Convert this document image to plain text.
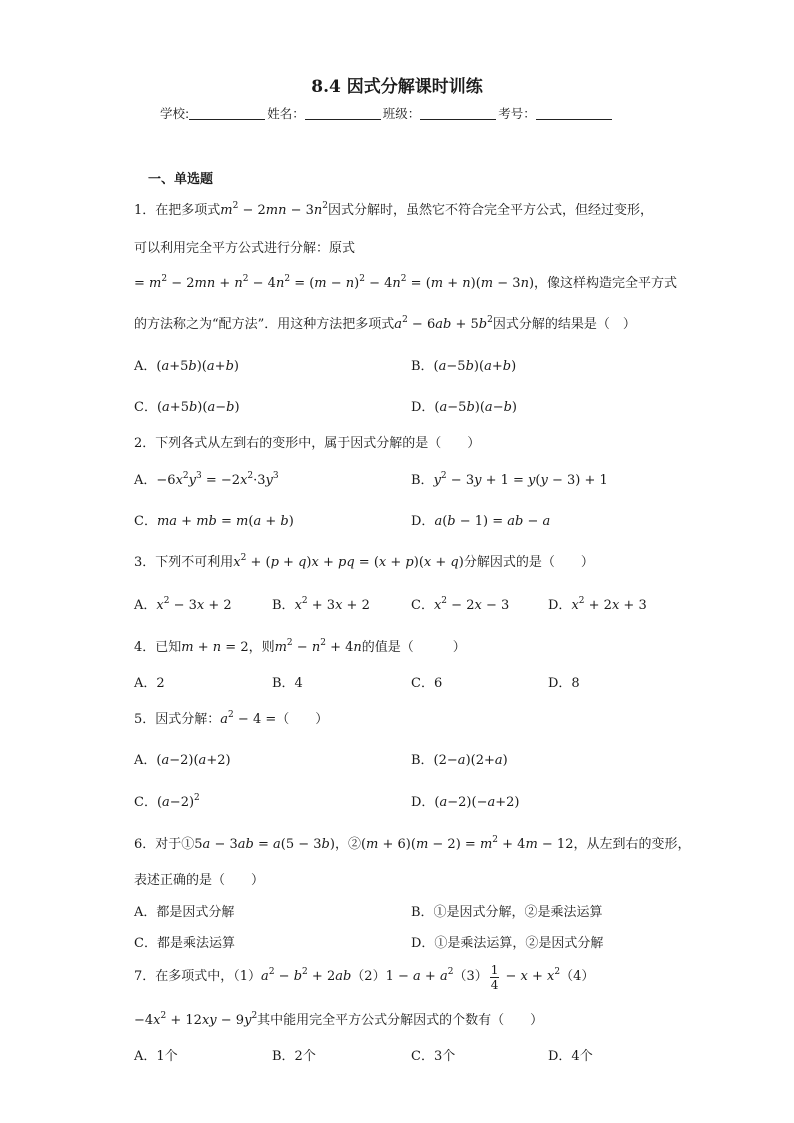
8.4 因式分解课时训练
学校:	姓名：	班级：	考号：
一、单选题
1．在把多项式$m^2 - 2mn - 3n^2$因式分解时，虽然它不符合完全平方公式，但经过变形，
可以利用完全平方公式进行分解：原式
= $m^2 - 2mn + n^2 - 4n^2 = (m - n)^2 - 4n^2 = (m + n)(m - 3n)$，像这样构造完全平方式
的方法称之为“配方法”．用这种方法把多项式$a^2 - 6ab + 5b^2$因式分解的结果是（　）
A．(a+5b)(a+b)	B．(a−5b)(a+b)
C．(a+5b)(a−b)	D．(a−5b)(a−b)
2．下列各式从左到右的变形中，属于因式分解的是（　　）
A．$-6x^2y^3 = -2x^2\cdot 3y^3$	B．$y^2 - 3y + 1 = y(y - 3) + 1$
C．ma + mb = m(a + b)	D．a(b − 1) = ab − a
3．下列不可利用$x^2 + (p + q)x$ + pq = (x + p)(x + q)分解因式的是（　　）
A．$x^2 - 3x + 2$	B．$x^2 + 3x + 2$	C．$x^2 - 2x - 3$	D．$x^2 + 2x + 3$
4．已知m + n = 2，则$m^2 - n^2 + 4n$的值是（　　　）
A．2	B．4	C．6	D．8
5．因式分解：$a^2 - 4$ =（　　）
A．(a−2)(a+2)	B．(2−a)(2+a)
C．$(a-2)^2$	D．(a−2)(−a+2)
6．对于①5a − 3ab = a(5 − 3b)，②(m + $6)(m - 2) = m^2 + 4m - 12$，从左到右的变形，
表述正确的是（　　）
A．都是因式分解	B．①是因式分解，②是乘法运算
C．都是乘法运算	D．①是乘法运算，②是因式分解
7．在多项式中，$(1)a^2 - b^2 + 2ab(2)1 - a + a^2(3) \frac{1}{4} - x + x^2(4)$
$-4x^2 + 12xy - 9y^2$其中能用完全平方公式分解因式的个数有（　　）
A．1个	B．2个	C．3个	D．4个
